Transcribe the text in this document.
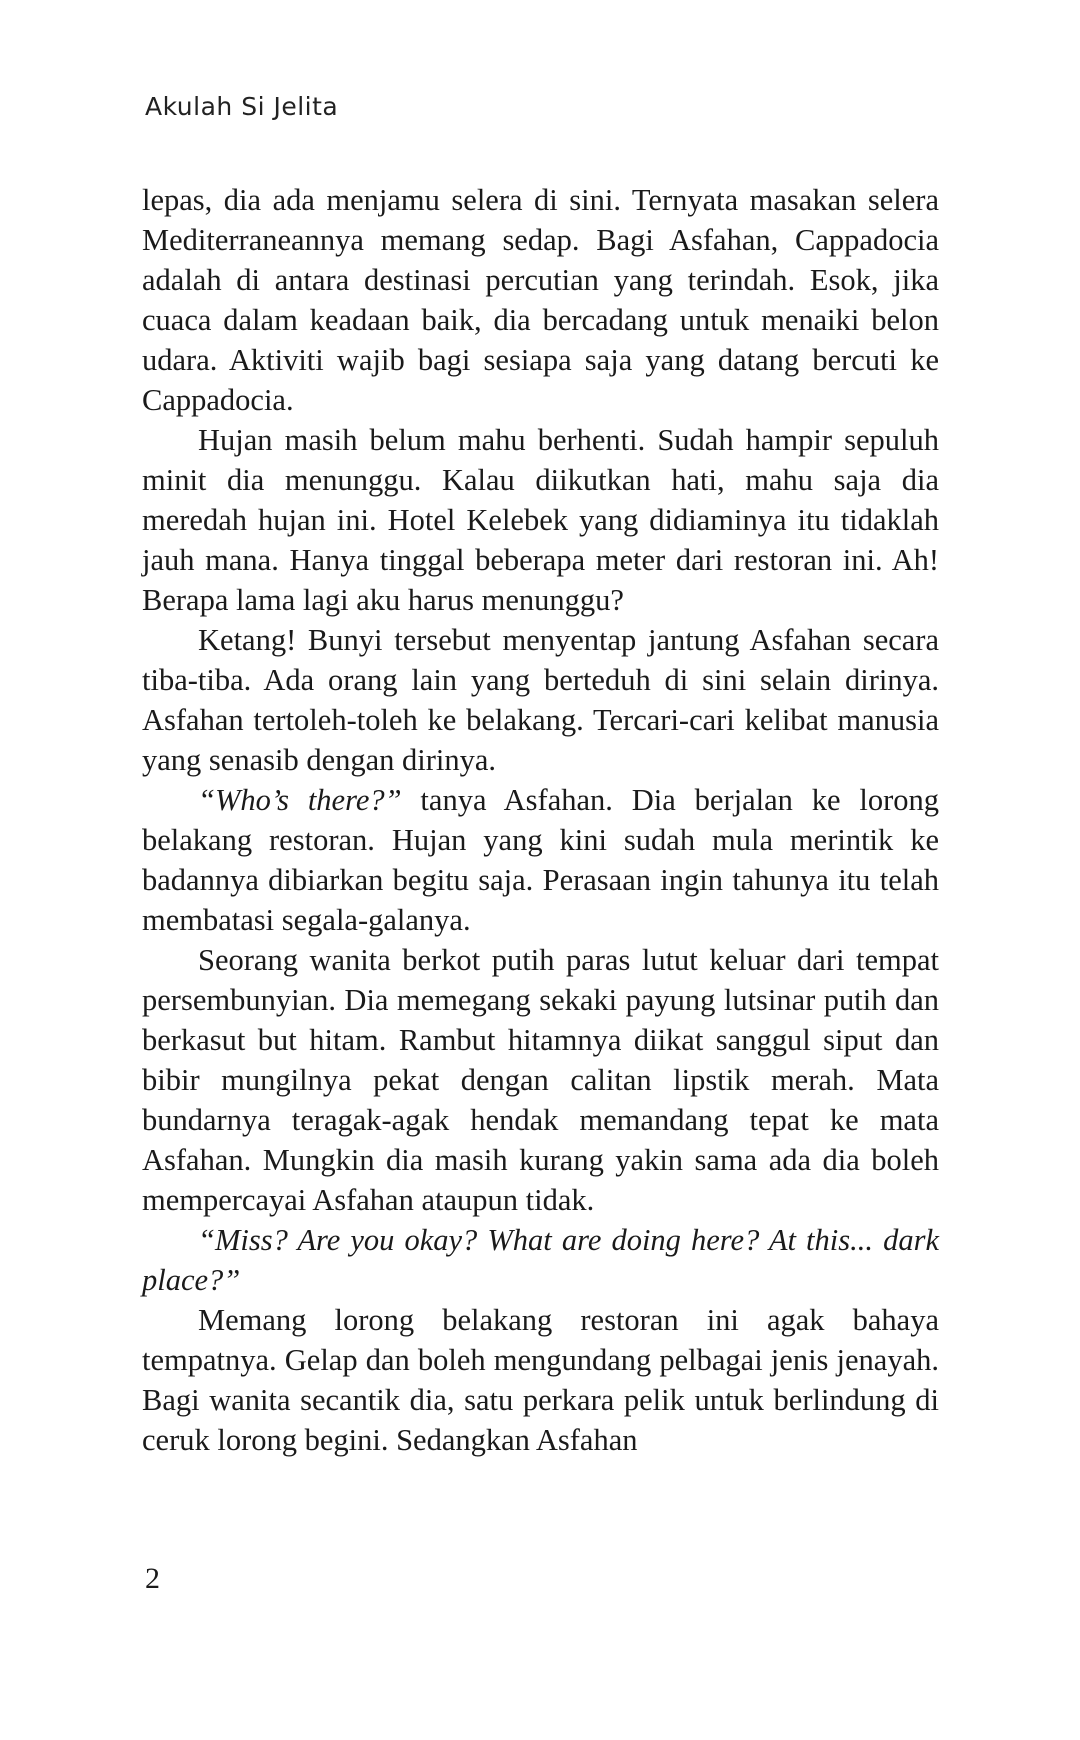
Akulah Si Jelita

lepas, dia ada menjamu selera di sini. Ternyata masakan selera Mediterraneannya memang sedap. Bagi Asfahan, Cappadocia adalah di antara destinasi percutian yang terindah. Esok, jika cuaca dalam keadaan baik, dia bercadang untuk menaiki belon udara. Aktiviti wajib bagi sesiapa saja yang datang bercuti ke Cappadocia.

Hujan masih belum mahu berhenti. Sudah hampir sepuluh minit dia menunggu. Kalau diikutkan hati, mahu saja dia meredah hujan ini. Hotel Kelebek yang didiaminya itu tidaklah jauh mana. Hanya tinggal beberapa meter dari restoran ini. Ah! Berapa lama lagi aku harus menunggu?

Ketang! Bunyi tersebut menyentap jantung Asfahan secara tiba-tiba. Ada orang lain yang berteduh di sini selain dirinya. Asfahan tertoleh-toleh ke belakang. Tercari-cari kelibat manusia yang senasib dengan dirinya.

“Who’s there?” tanya Asfahan. Dia berjalan ke lorong belakang restoran. Hujan yang kini sudah mula merintik ke badannya dibiarkan begitu saja. Perasaan ingin tahunya itu telah membatasi segala-galanya.

Seorang wanita berkot putih paras lutut keluar dari tempat persembunyian. Dia memegang sekaki payung lutsinar putih dan berkasut but hitam. Rambut hitamnya diikat sanggul siput dan bibir mungilnya pekat dengan calitan lipstik merah. Mata bundarnya teragak-agak hendak memandang tepat ke mata Asfahan. Mungkin dia masih kurang yakin sama ada dia boleh mempercayai Asfahan ataupun tidak.

“Miss? Are you okay? What are doing here? At this... dark place?”

Memang lorong belakang restoran ini agak bahaya tempatnya. Gelap dan boleh mengundang pelbagai jenis jenayah. Bagi wanita secantik dia, satu perkara pelik untuk berlindung di ceruk lorong begini. Sedangkan Asfahan

2
